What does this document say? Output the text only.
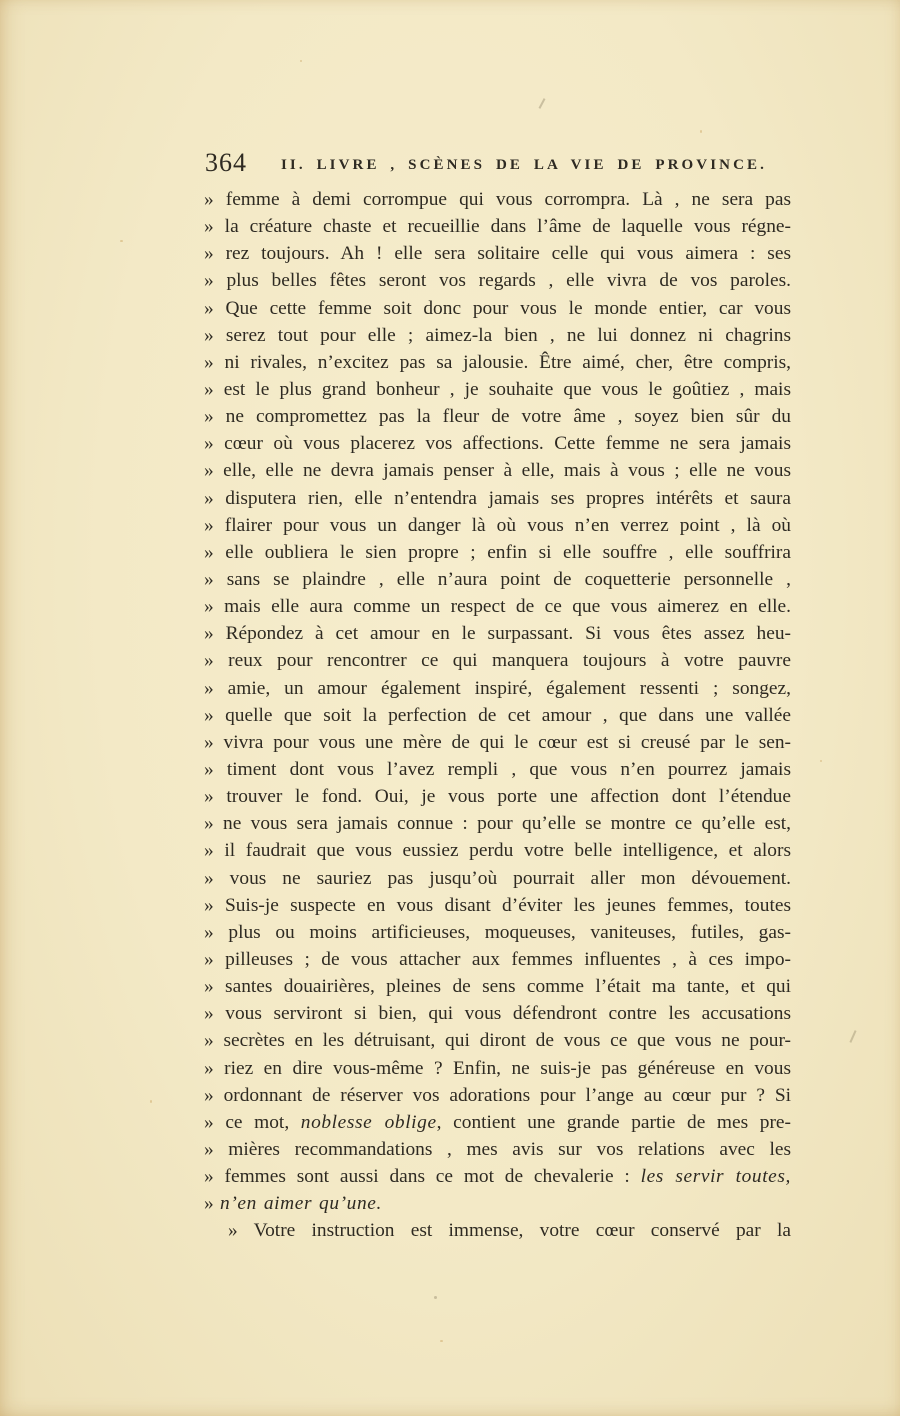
364 II. LIVRE , SCÈNES DE LA VIE DE PROVINCE.
» femme à demi corrompue qui vous corrompra. Là , ne sera pas
» la créature chaste et recueillie dans l’âme de laquelle vous régne-
» rez toujours. Ah ! elle sera solitaire celle qui vous aimera : ses
» plus belles fêtes seront vos regards , elle vivra de vos paroles.
» Que cette femme soit donc pour vous le monde entier, car vous
» serez tout pour elle ; aimez-la bien , ne lui donnez ni chagrins
» ni rivales, n’excitez pas sa jalousie. Être aimé, cher, être compris,
» est le plus grand bonheur , je souhaite que vous le goûtiez , mais
» ne compromettez pas la fleur de votre âme , soyez bien sûr du
» cœur où vous placerez vos affections. Cette femme ne sera jamais
» elle, elle ne devra jamais penser à elle, mais à vous ; elle ne vous
» disputera rien, elle n’entendra jamais ses propres intérêts et saura
» flairer pour vous un danger là où vous n’en verrez point , là où
» elle oubliera le sien propre ; enfin si elle souffre , elle souffrira
» sans se plaindre , elle n’aura point de coquetterie personnelle ,
» mais elle aura comme un respect de ce que vous aimerez en elle.
» Répondez à cet amour en le surpassant. Si vous êtes assez heu-
» reux pour rencontrer ce qui manquera toujours à votre pauvre
» amie, un amour également inspiré, également ressenti ; songez,
» quelle que soit la perfection de cet amour , que dans une vallée
» vivra pour vous une mère de qui le cœur est si creusé par le sen-
» timent dont vous l’avez rempli , que vous n’en pourrez jamais
» trouver le fond. Oui, je vous porte une affection dont l’étendue
» ne vous sera jamais connue : pour qu’elle se montre ce qu’elle est,
» il faudrait que vous eussiez perdu votre belle intelligence, et alors
» vous ne sauriez pas jusqu’où pourrait aller mon dévouement.
» Suis-je suspecte en vous disant d’éviter les jeunes femmes, toutes
» plus ou moins artificieuses, moqueuses, vaniteuses, futiles, gas-
» pilleuses ; de vous attacher aux femmes influentes , à ces impo-
» santes douairières, pleines de sens comme l’était ma tante, et qui
» vous serviront si bien, qui vous défendront contre les accusations
» secrètes en les détruisant, qui diront de vous ce que vous ne pour-
» riez en dire vous-même ? Enfin, ne suis-je pas généreuse en vous
» ordonnant de réserver vos adorations pour l’ange au cœur pur ? Si
» ce mot, noblesse oblige, contient une grande partie de mes pre-
» mières recommandations , mes avis sur vos relations avec les
» femmes sont aussi dans ce mot de chevalerie : les servir toutes,
» n’en aimer qu’une.
» Votre instruction est immense, votre cœur conservé par la
